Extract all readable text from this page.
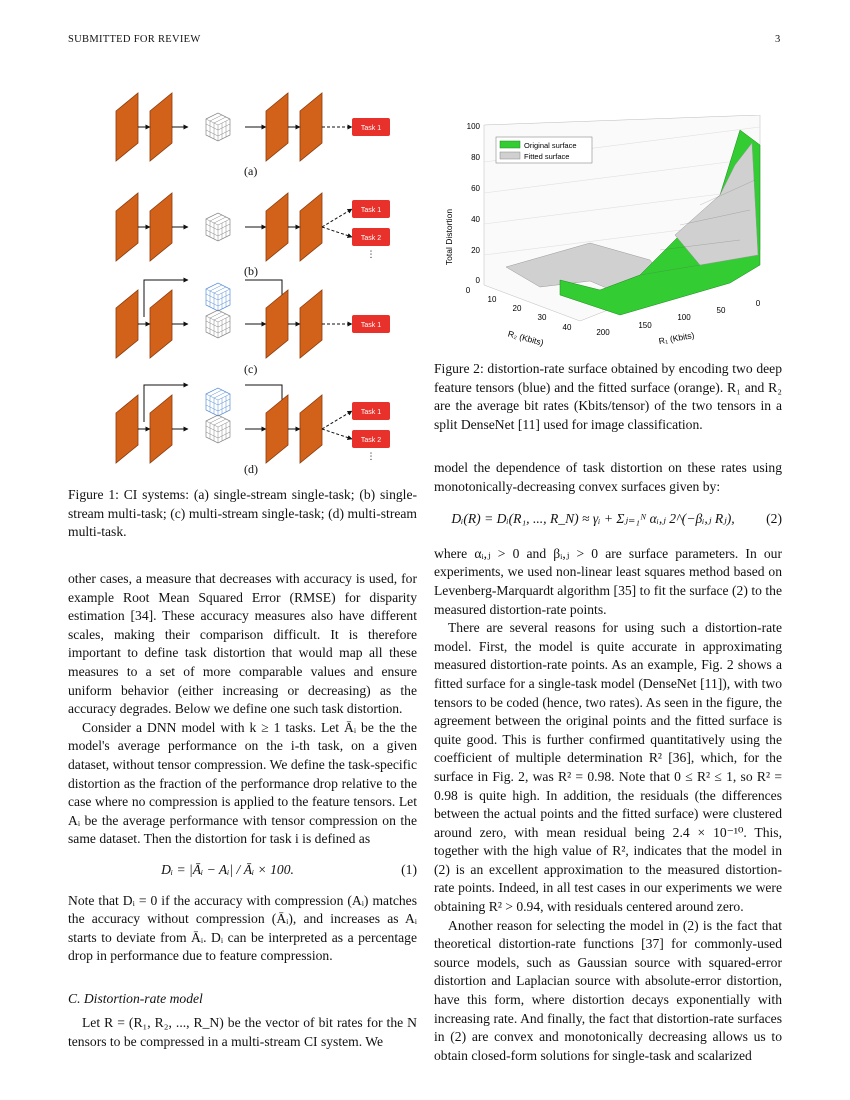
SUBMITTED FOR REVIEW	3
Task 1
Task 1
Task 2
⋮
Task 1
Task 1
Task 2
⋮
(a)
(b)
(c)
(d)
Figure 1: CI systems: (a) single-stream single-task; (b) single-stream multi-task; (c) multi-stream single-task; (d) multi-stream multi-task.
Original surface
Fitted surface
Total Distortion
0
20
40
60
80
100
0
10
20
30
40
R₂ (Kbits)
0
50
100
150
200	R₁ (Kbits)
Figure 2: distortion-rate surface obtained by encoding two deep feature tensors (blue) and the fitted surface (orange). R₁ and R₂ are the average bit rates (Kbits/tensor) of the two tensors in a split DenseNet [11] used for image classification.

other cases, a measure that decreases with accuracy is used, for example Root Mean Squared Error (RMSE) for disparity estimation [34]. These accuracy measures also have different scales, making their comparison difficult. It is therefore important to define task distortion that would map all these measures to a set of more comparable values and ensure uniform behavior (either increasing or decreasing) as the accuracy degrades. Below we define one such task distortion.

Consider a DNN model with k ≥ 1 tasks. Let Āᵢ be the the model's average performance on the i-th task, on a given dataset, without tensor compression. We define the task-specific distortion as the fraction of the performance drop relative to the case where no compression is applied to the feature tensors. Let Aᵢ be the average performance with tensor compression on the same dataset. Then the distortion for task i is defined as

Dᵢ = |Āᵢ − Aᵢ| / Āᵢ × 100.	(1)

Note that Dᵢ = 0 if the accuracy with compression (Aᵢ) matches the accuracy without compression (Āᵢ), and increases as Aᵢ starts to deviate from Āᵢ. Dᵢ can be interpreted as a percentage drop in performance due to feature compression.

C. Distortion-rate model

Let R = (R₁, R₂, ..., R_N) be the vector of bit rates for the N tensors to be compressed in a multi-stream CI system. We

model the dependence of task distortion on these rates using monotonically-decreasing convex surfaces given by:

Dᵢ(R) = Dᵢ(R₁, ..., R_N) ≈ γᵢ + Σⱼ₌₁ᴺ αᵢ,ⱼ 2^(−βᵢ,ⱼ Rⱼ),	(2)

where αᵢ,ⱼ > 0 and βᵢ,ⱼ > 0 are surface parameters. In our experiments, we used non-linear least squares method based on Levenberg-Marquardt algorithm [35] to fit the surface (2) to the measured distortion-rate points.

There are several reasons for using such a distortion-rate model. First, the model is quite accurate in approximating measured distortion-rate points. As an example, Fig. 2 shows a fitted surface for a single-task model (DenseNet [11]), with two tensors to be coded (hence, two rates). As seen in the figure, the agreement between the original points and the fitted surface is quite good. This is further confirmed quantitatively using the coefficient of multiple determination R² [36], which, for the surface in Fig. 2, was R² = 0.98. Note that 0 ≤ R² ≤ 1, so R² = 0.98 is quite high. In addition, the residuals (the differences between the actual points and the fitted surface) were clustered around zero, with mean residual being 2.4 × 10⁻¹⁰. This, together with the high value of R², indicates that the model in (2) is an excellent approximation to the measured distortion-rate points. Indeed, in all test cases in our experiments we were obtaining R² > 0.94, with residuals centered around zero.

Another reason for selecting the model in (2) is the fact that theoretical distortion-rate functions [37] for commonly-used source models, such as Gaussian source with squared-error distortion and Laplacian source with absolute-error distortion, have this form, where distortion decays exponentially with increasing rate. And finally, the fact that distortion-rate surfaces in (2) are convex and monotonically decreasing allows us to obtain closed-form solutions for single-task and scalarized
